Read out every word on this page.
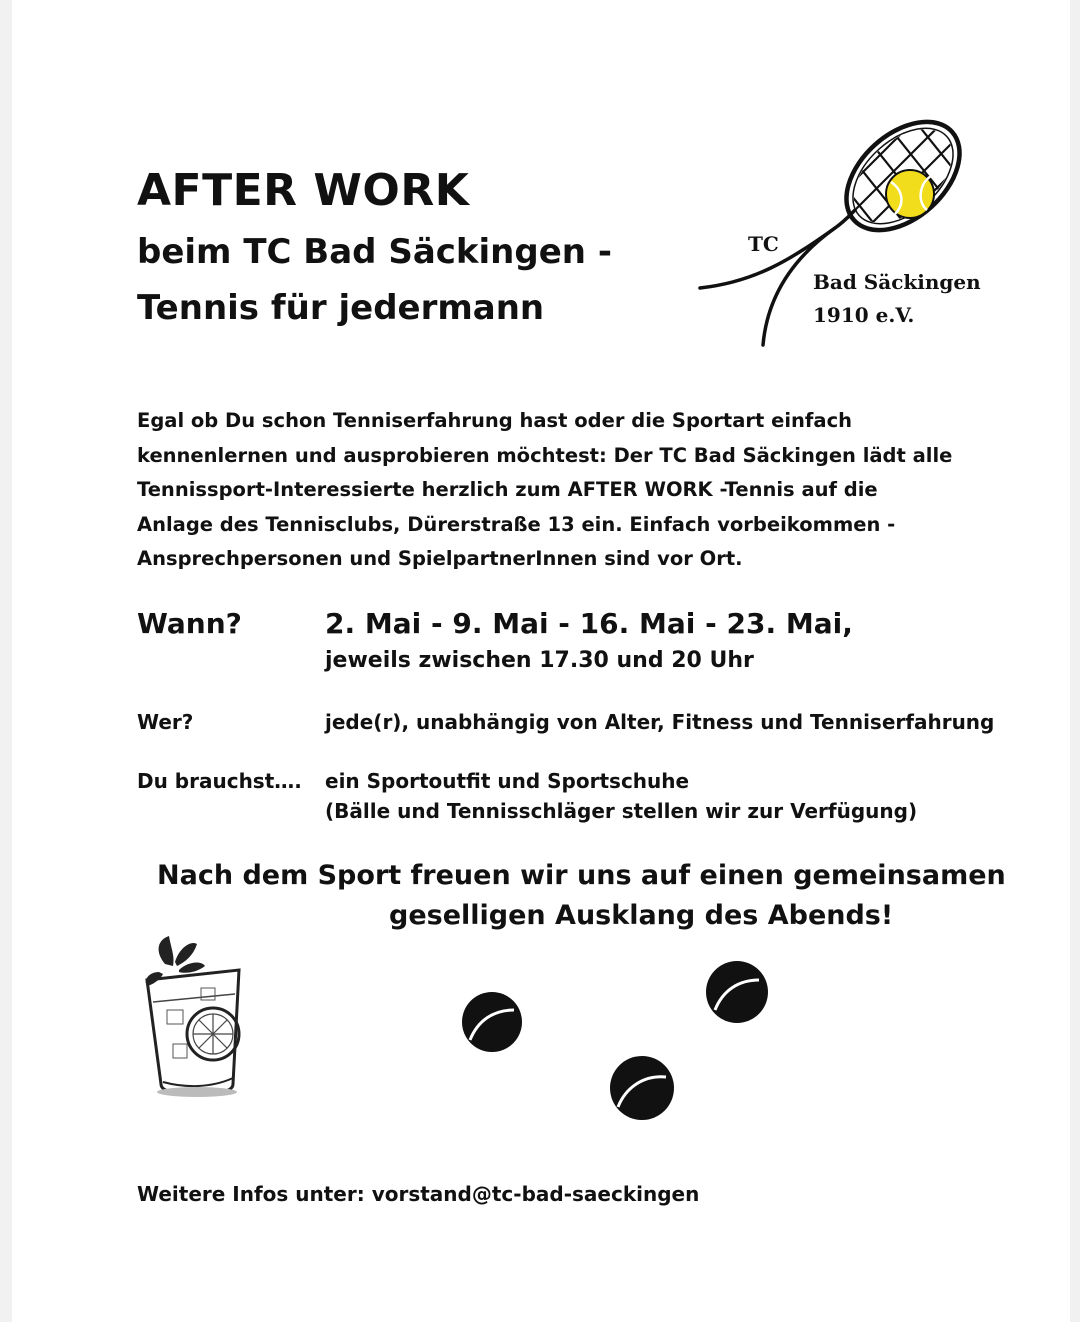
AFTER WORK
beim TC Bad Säckingen -
Tennis für jedermann
TC
Bad Säckingen
1910 e.V.
Egal ob Du schon Tenniserfahrung hast oder die Sportart einfach
kennenlernen und ausprobieren möchtest: Der TC Bad Säckingen lädt alle
Tennissport-Interessierte herzlich zum AFTER WORK -Tennis auf die
Anlage des Tennisclubs, Dürerstraße 13 ein. Einfach vorbeikommen -
Ansprechpersonen und SpielpartnerInnen sind vor Ort.
Wann?	2. Mai - 9. Mai - 16. Mai - 23. Mai,
jeweils zwischen 17.30 und 20 Uhr
Wer?	jede(r), unabhängig von Alter, Fitness und Tenniserfahrung
Du brauchst…. ein Sportoutfit und Sportschuhe
(Bälle und Tennisschläger stellen wir zur Verfügung)
Nach dem Sport freuen wir uns auf einen gemeinsamen
geselligen Ausklang des Abends!
Weitere Infos unter: vorstand@tc-bad-saeckingen
